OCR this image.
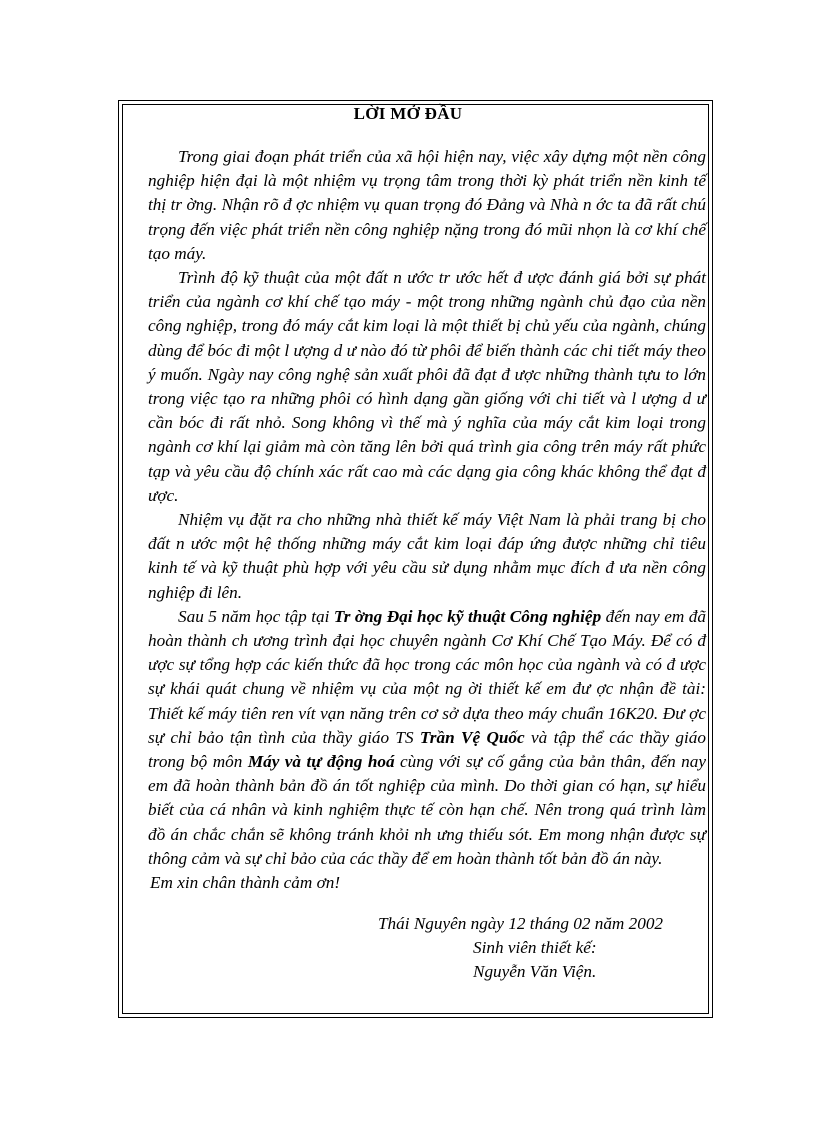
LỜI MỞ ĐẦU

Trong giai đoạn phát triển của xã hội hiện nay, việc xây dựng một nền công nghiệp hiện đại là một nhiệm vụ trọng tâm trong thời kỳ phát triển nền kinh tế thị tr ờng. Nhận rõ đ ợc nhiệm vụ quan trọng đó Đảng và Nhà n ớc ta đã rất chú trọng đến việc phát triển nền công nghiệp nặng trong đó mũi nhọn là cơ khí chế tạo máy.

Trình độ kỹ thuật của một đất n ước tr ước hết đ ược đánh giá bởi sự phát triển của ngành cơ khí chế tạo máy - một trong những ngành chủ đạo của nền công nghiệp, trong đó máy cắt kim loại là một thiết bị chủ yếu của ngành, chúng dùng để bóc đi một l ượng d ư nào đó từ phôi để biến thành các chi tiết máy theo ý muốn. Ngày nay công nghệ sản xuất phôi đã đạt đ ược những thành tựu to lớn trong việc tạo ra những phôi có hình dạng gần giống với chi tiết và l ượng d ư cần bóc đi rất nhỏ. Song không vì thế mà ý nghĩa của máy cắt kim loại trong ngành cơ khí lại giảm mà còn tăng lên bởi quá trình gia công trên máy rất phức tạp và yêu cầu độ chính xác rất cao mà các dạng gia công khác không thể đạt đ ược.

Nhiệm vụ đặt ra cho những nhà thiết kế máy Việt Nam là phải trang bị cho đất n ước một hệ thống những máy cắt kim loại đáp ứng được những chỉ tiêu kinh tế và kỹ thuật phù hợp với yêu cầu sử dụng nhằm mục đích đ ưa nền công nghiệp đi lên.

Sau 5 năm học tập tại Tr ờng Đại học kỹ thuật Công nghiệp đến nay em đã hoàn thành ch ương trình đại học chuyên ngành Cơ Khí Chế Tạo Máy. Để có đ ược sự tổng hợp các kiến thức đã học trong các môn học của ngành và có đ ược sự khái quát chung về nhiệm vụ của một ng ời thiết kế em đư ợc nhận đề tài: Thiết kế máy tiên ren vít vạn năng trên cơ sở dựa theo máy chuẩn 16K20. Đư ợc sự chỉ bảo tận tình của thầy giáo TS Trần Vệ Quốc và tập thể các thầy giáo trong bộ môn Máy và tự động hoá cùng với sự cố gắng của bản thân, đến nay em đã hoàn thành bản đồ án tốt nghiệp của mình. Do thời gian có hạn, sự hiểu biết của cá nhân và kinh nghiệm thực tế còn hạn chế. Nên trong quá trình làm đồ án chắc chắn sẽ không tránh khỏi nh ưng thiếu sót. Em mong nhận được sự thông cảm và sự chỉ bảo của các thầy để em hoàn thành tốt bản đồ án này.

Em xin chân thành cảm ơn!

Thái Nguyên ngày 12 tháng 02 năm 2002
Sinh viên thiết kế:
Nguyễn Văn Viện.
